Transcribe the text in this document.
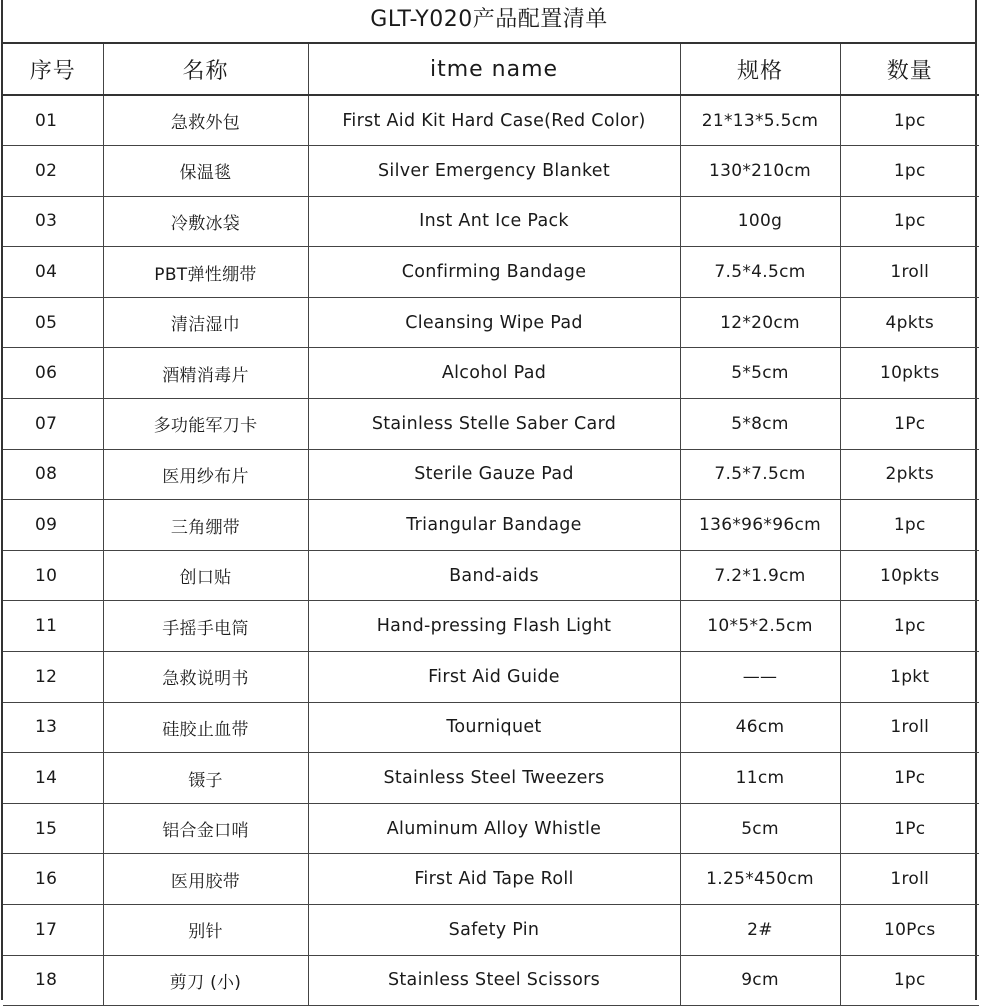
GLT-Y020产品配置清单
序号	名称	itme name	规格	数量
01	急救外包	First Aid Kit Hard Case(Red Color)	21*13*5.5cm	1pc
02	保温毯	Silver Emergency Blanket	130*210cm	1pc
03	冷敷冰袋	Inst Ant Ice Pack	100g	1pc
04	PBT弹性绷带	Confirming Bandage	7.5*4.5cm	1roll
05	清洁湿巾	Cleansing Wipe Pad	12*20cm	4pkts
06	酒精消毒片	Alcohol Pad	5*5cm	10pkts
07	多功能军刀卡	Stainless Stelle Saber Card	5*8cm	1Pc
08	医用纱布片	Sterile Gauze Pad	7.5*7.5cm	2pkts
09	三角绷带	Triangular Bandage	136*96*96cm	1pc
10	创口贴	Band-aids	7.2*1.9cm	10pkts
11	手摇手电筒	Hand-pressing Flash Light	10*5*2.5cm	1pc
12	急救说明书	First Aid Guide	——	1pkt
13	硅胶止血带	Tourniquet	46cm	1roll
14	镊子	Stainless Steel Tweezers	11cm	1Pc
15	铝合金口哨	Aluminum Alloy Whistle	5cm	1Pc
16	医用胶带	First Aid Tape Roll	1.25*450cm	1roll
17	别针	Safety Pin	2#	10Pcs
18	剪刀 (小)	Stainless Steel Scissors	9cm	1pc
